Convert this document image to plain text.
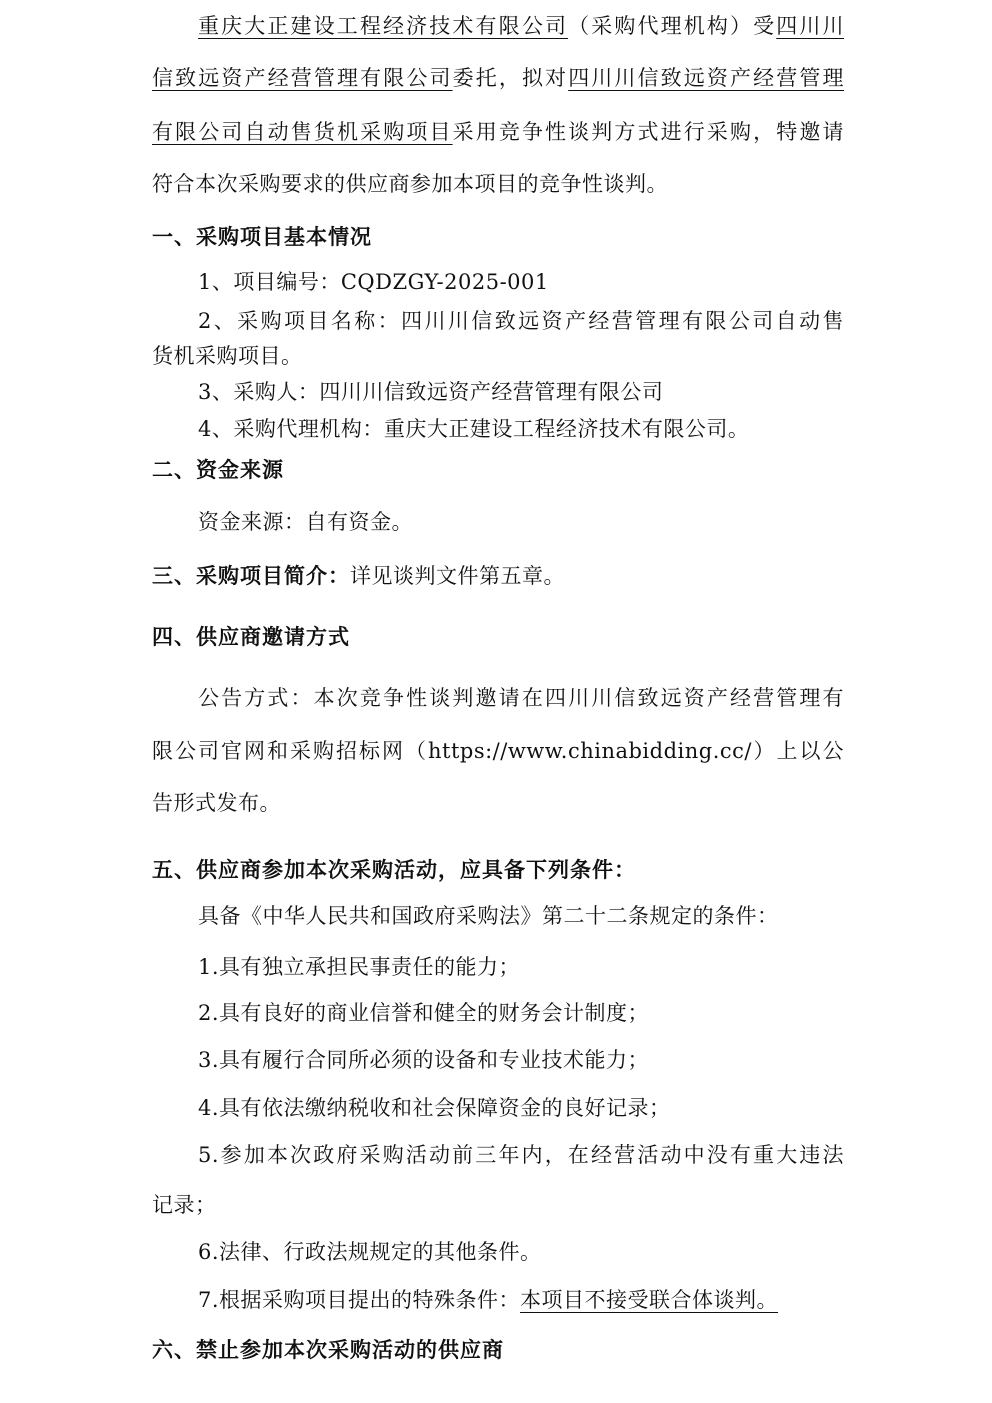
重庆大正建设工程经济技术有限公司（采购代理机构）受四川川
信致远资产经营管理有限公司委托，拟对四川川信致远资产经营管理
有限公司自动售货机采购项目采用竞争性谈判方式进行采购，特邀请
符合本次采购要求的供应商参加本项目的竞争性谈判。
一、采购项目基本情况
1、项目编号：CQDZGY-2025-001
2、采购项目名称：四川川信致远资产经营管理有限公司自动售
货机采购项目。
3、采购人：四川川信致远资产经营管理有限公司
4、采购代理机构：重庆大正建设工程经济技术有限公司。
二、资金来源
资金来源：自有资金。
三、采购项目简介：详见谈判文件第五章。
四、供应商邀请方式
公告方式：本次竞争性谈判邀请在四川川信致远资产经营管理有
限公司官网和采购招标网（https://www.chinabidding.cc/）上以公
告形式发布。
五、供应商参加本次采购活动，应具备下列条件：
具备《中华人民共和国政府采购法》第二十二条规定的条件：
1.具有独立承担民事责任的能力；
2.具有良好的商业信誉和健全的财务会计制度；
3.具有履行合同所必须的设备和专业技术能力；
4.具有依法缴纳税收和社会保障资金的良好记录；
5.参加本次政府采购活动前三年内，在经营活动中没有重大违法
记录；
6.法律、行政法规规定的其他条件。
7.根据采购项目提出的特殊条件：本项目不接受联合体谈判。
六、禁止参加本次采购活动的供应商
